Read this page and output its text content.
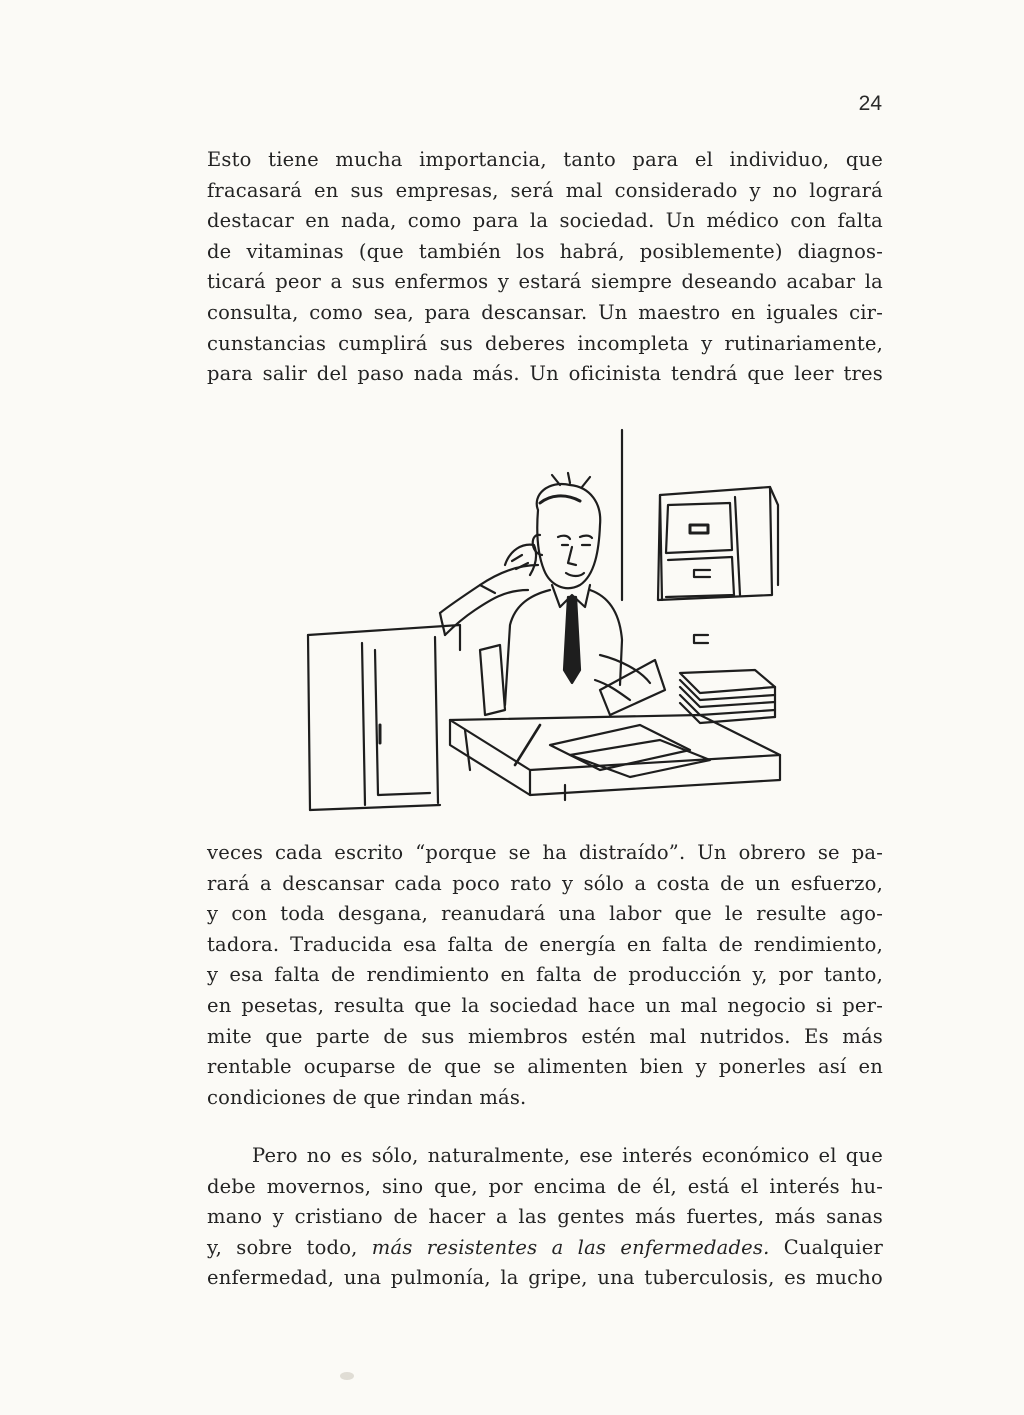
24

Esto tiene mucha importancia, tanto para el individuo, que
fracasará en sus empresas, será mal considerado y no logrará
destacar en nada, como para la sociedad. Un médico con falta
de vitaminas (que también los habrá, posiblemente) diagnos-
ticará peor a sus enfermos y estará siempre deseando acabar la
consulta, como sea, para descansar. Un maestro en iguales cir-
cunstancias cumplirá sus deberes incompleta y rutinariamente,
para salir del paso nada más. Un oficinista tendrá que leer tres

veces cada escrito “porque se ha distraído”. Un obrero se pa-
rará a descansar cada poco rato y sólo a costa de un esfuerzo,
y con toda desgana, reanudará una labor que le resulte ago-
tadora. Traducida esa falta de energía en falta de rendimiento,
y esa falta de rendimiento en falta de producción y, por tanto,
en pesetas, resulta que la sociedad hace un mal negocio si per-
mite que parte de sus miembros estén mal nutridos. Es más
rentable ocuparse de que se alimenten bien y ponerles así en
condiciones de que rindan más.

Pero no es sólo, naturalmente, ese interés económico el que
debe movernos, sino que, por encima de él, está el interés hu-
mano y cristiano de hacer a las gentes más fuertes, más sanas
y, sobre todo, más resistentes a las enfermedades. Cualquier
enfermedad, una pulmonía, la gripe, una tuberculosis, es mucho
